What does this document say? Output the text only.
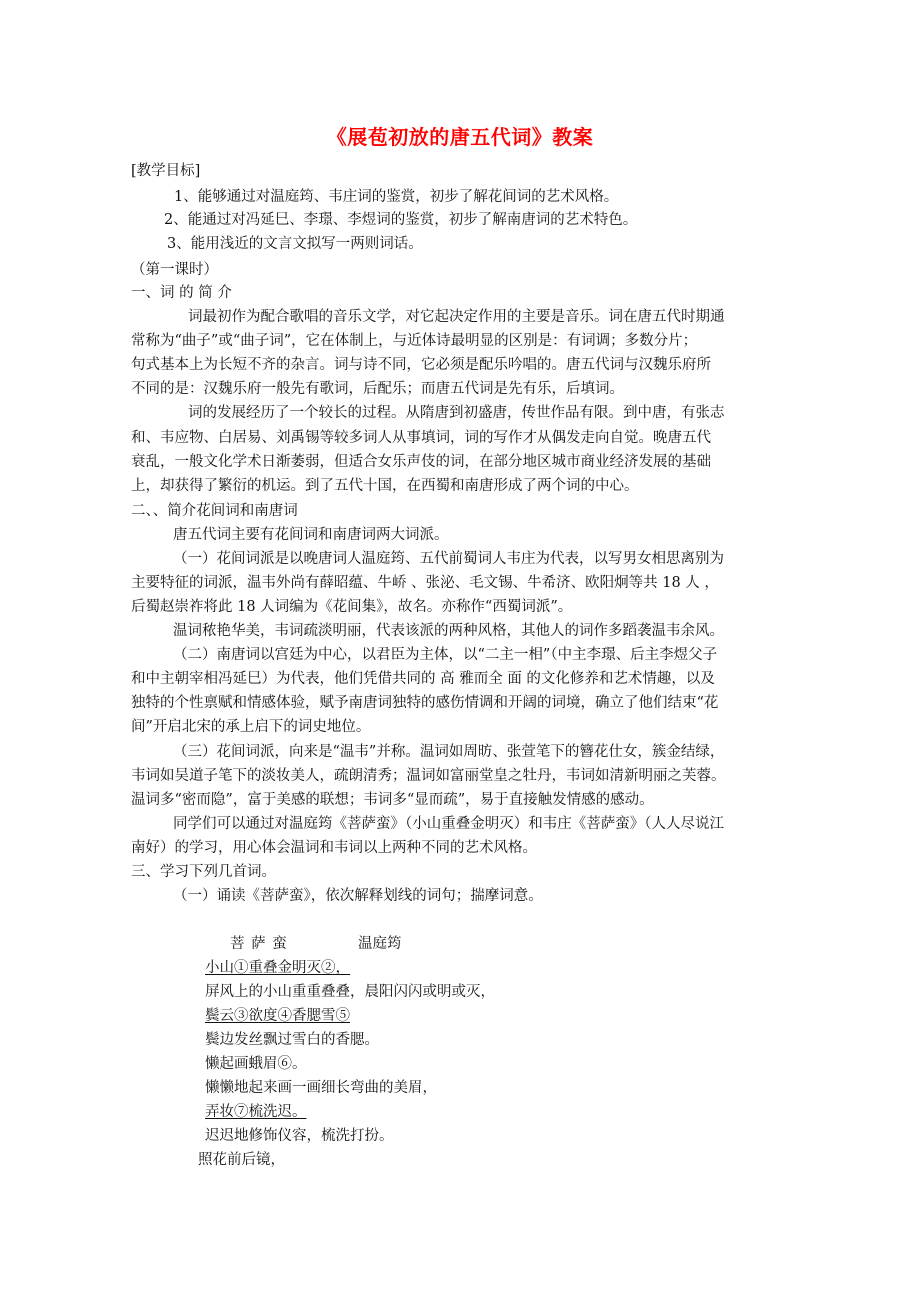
《展苞初放的唐五代词》教案
[教学目标]
1、能够通过对温庭筠、韦庄词的鉴赏，初步了解花间词的艺术风格。
2、能通过对冯延巳、李璟、李煜词的鉴赏，初步了解南唐词的艺术特色。
3、能用浅近的文言文拟写一两则词话。
（第一课时）
一、词 的 简 介
词最初作为配合歌唱的音乐文学，对它起决定作用的主要是音乐。词在唐五代时期通
常称为“曲子”或“曲子词”，它在体制上，与近体诗最明显的区别是：有词调；多数分片；
句式基本上为长短不齐的杂言。词与诗不同，它必须是配乐吟唱的。唐五代词与汉魏乐府所
不同的是：汉魏乐府一般先有歌词，后配乐；而唐五代词是先有乐，后填词。
词的发展经历了一个较长的过程。从隋唐到初盛唐，传世作品有限。到中唐，有张志
和、韦应物、白居易、刘禹锡等较多词人从事填词，词的写作才从偶发走向自觉。晚唐五代
衰乱，一般文化学术日渐萎弱，但适合女乐声伎的词，在部分地区城市商业经济发展的基础
上，却获得了繁衍的机运。到了五代十国，在西蜀和南唐形成了两个词的中心。
二、、简介花间词和南唐词
唐五代词主要有花间词和南唐词两大词派。
（一）花间词派是以晚唐词人温庭筠、五代前蜀词人韦庄为代表，以写男女相思离别为
主要特征的词派，温韦外尚有薛昭蕴、牛峤 、张泌、毛文锡、牛希济、欧阳炯等共 18 人 ，
后蜀赵崇祚将此 18 人词编为《花间集》，故名。亦称作“西蜀词派”。
温词秾艳华美，韦词疏淡明丽，代表该派的两种风格，其他人的词作多蹈袭温韦余风。
（二）南唐词以宫廷为中心，以君臣为主体，以“二主一相”（中主李璟、后主李煜父子
和中主朝宰相冯延巳）为代表，他们凭借共同的 高 雅而全 面 的文化修养和艺术情趣，以及
独特的个性禀赋和情感体验，赋予南唐词独特的感伤情调和开阔的词境，确立了他们结束“花
间”开启北宋的承上启下的词史地位。
（三）花间词派，向来是“温韦”并称。温词如周昉、张萱笔下的簪花仕女，簇金结绿，
韦词如吴道子笔下的淡妆美人，疏朗清秀；温词如富丽堂皇之牡丹，韦词如清新明丽之芙蓉。
温词多“密而隐”，富于美感的联想；韦词多“显而疏”，易于直接触发情感的感动。
同学们可以通过对温庭筠《菩萨蛮》（小山重叠金明灭）和韦庄《菩萨蛮》（人人尽说江
南好）的学习，用心体会温词和韦词以上两种不同的艺术风格。
三、学习下列几首词。
（一）诵读《菩萨蛮》，依次解释划线的词句；揣摩词意。
菩 萨 蛮	温庭筠
小山①重叠金明灭②，
屏风上的小山重重叠叠，晨阳闪闪或明或灭，
鬓云③欲度④香腮雪⑤
鬓边发丝飘过雪白的香腮。
懒起画蛾眉⑥。
懒懒地起来画一画细长弯曲的美眉，
弄妆⑦梳洗迟。
迟迟地修饰仪容，梳洗打扮。
照花前后镜，
